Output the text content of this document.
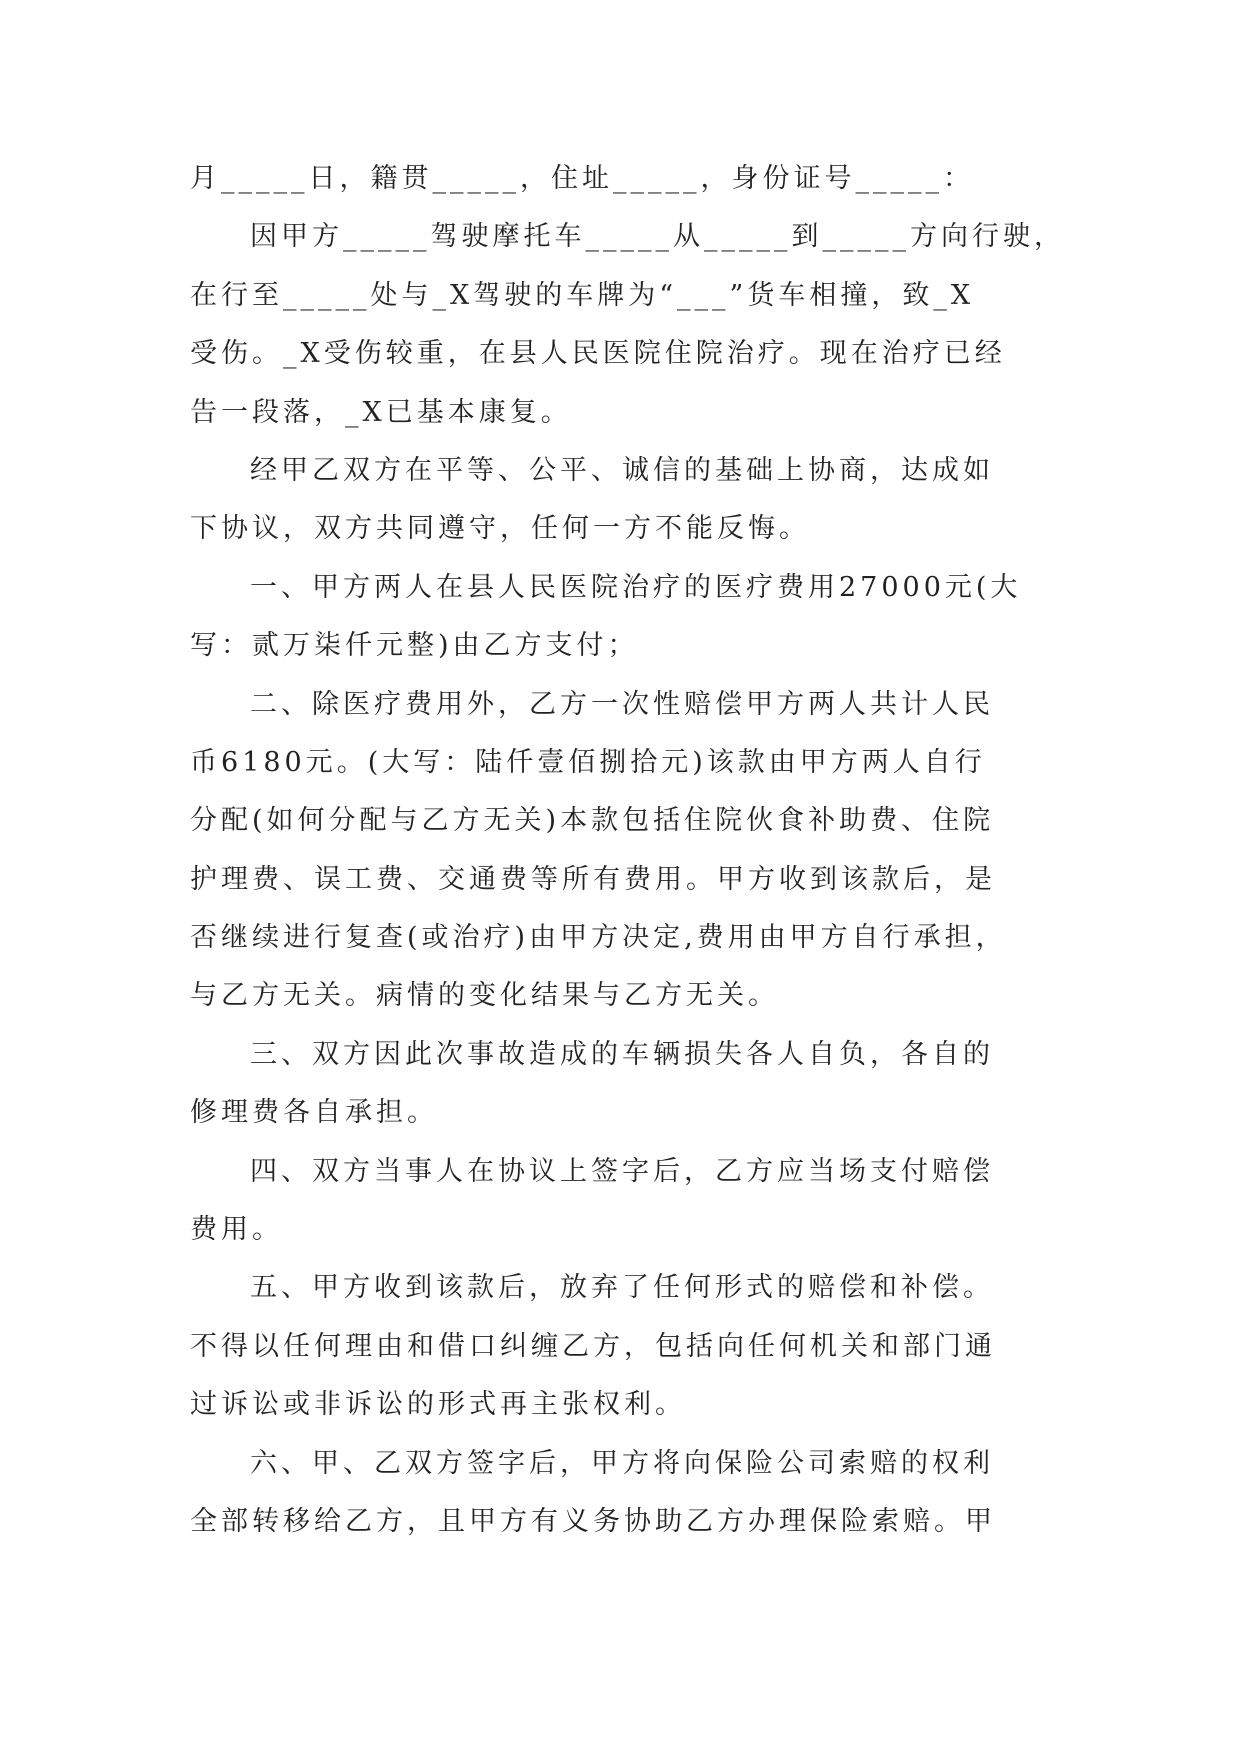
月_____日，籍贯_____，住址_____，身份证号_____：
因甲方_____驾驶摩托车_____从_____到_____方向行驶，
在行至_____处与_X驾驶的车牌为“___”货车相撞，致_X
受伤。_X受伤较重，在县人民医院住院治疗。现在治疗已经
告一段落，_X已基本康复。
经甲乙双方在平等、公平、诚信的基础上协商，达成如
下协议，双方共同遵守，任何一方不能反悔。
一、甲方两人在县人民医院治疗的医疗费用27000元(大
写：贰万柒仟元整)由乙方支付；
二、除医疗费用外，乙方一次性赔偿甲方两人共计人民
币6180元。(大写：陆仟壹佰捌拾元)该款由甲方两人自行
分配(如何分配与乙方无关)本款包括住院伙食补助费、住院
护理费、误工费、交通费等所有费用。甲方收到该款后，是
否继续进行复查(或治疗)由甲方决定,费用由甲方自行承担，
与乙方无关。病情的变化结果与乙方无关。
三、双方因此次事故造成的车辆损失各人自负，各自的
修理费各自承担。
四、双方当事人在协议上签字后，乙方应当场支付赔偿
费用。
五、甲方收到该款后，放弃了任何形式的赔偿和补偿。
不得以任何理由和借口纠缠乙方，包括向任何机关和部门通
过诉讼或非诉讼的形式再主张权利。
六、甲、乙双方签字后，甲方将向保险公司索赔的权利
全部转移给乙方，且甲方有义务协助乙方办理保险索赔。甲
